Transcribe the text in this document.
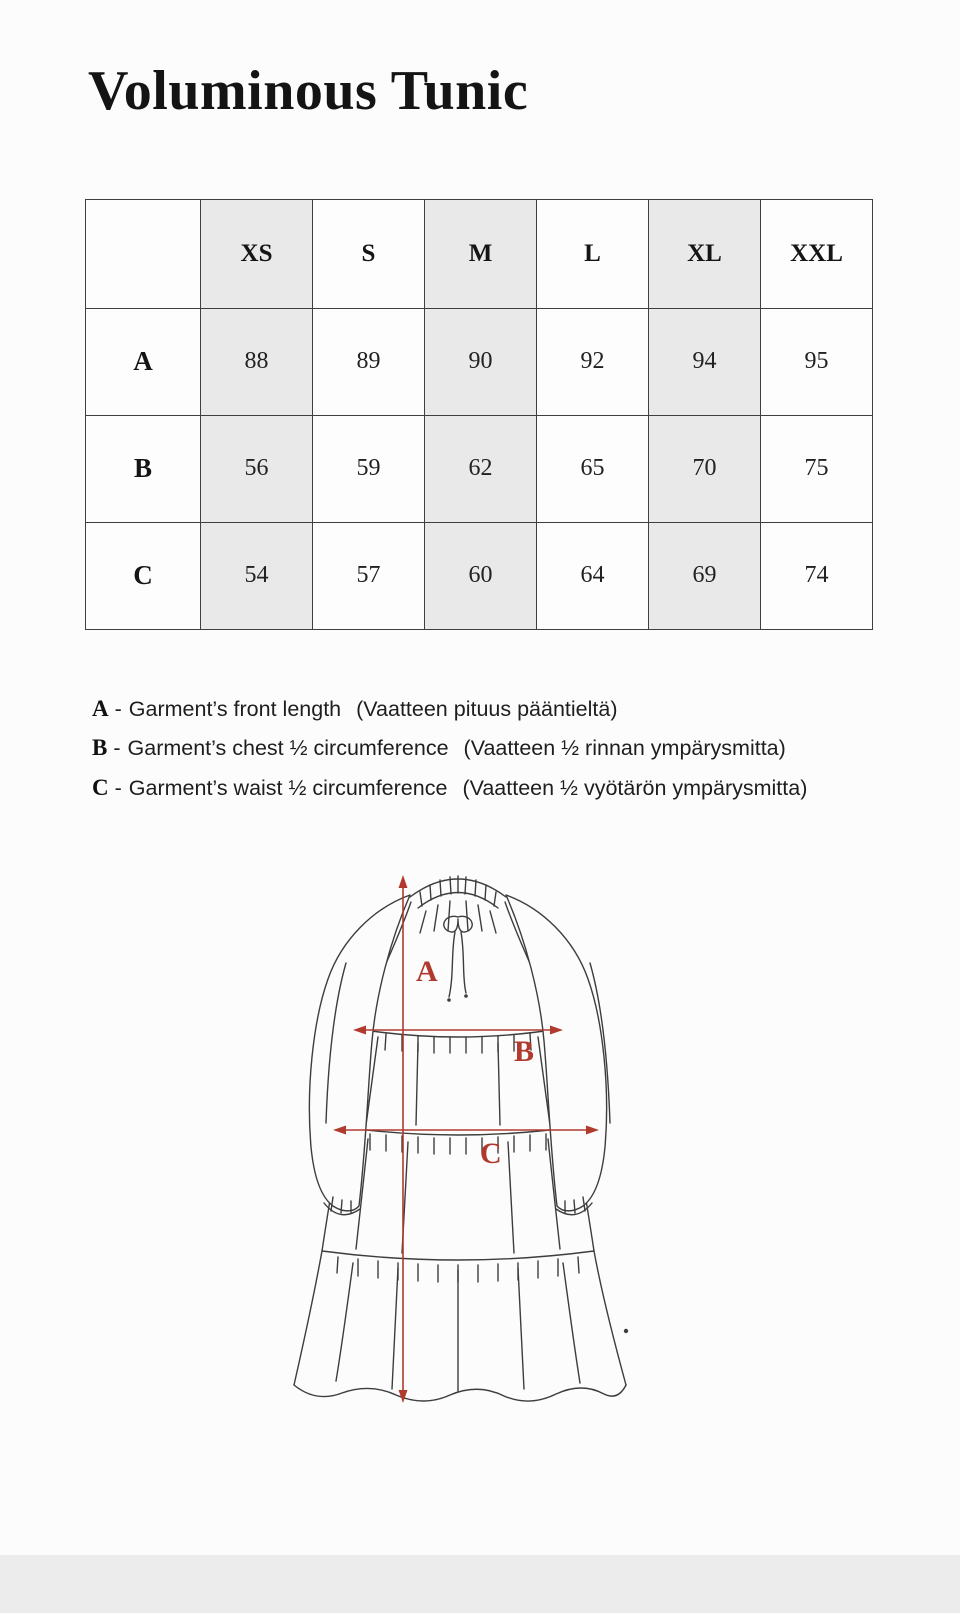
Voluminous Tunic
	XS	S	M	L	XL	XXL
A	88	89	90	92	94	95
B	56	59	62	65	70	75
C	54	57	60	64	69	74

A - Garment’s front length (Vaatteen pituus pääntieltä)

B - Garment’s chest ½ circumference (Vaatteen ½ rinnan ympärysmitta)

C - Garment’s waist ½ circumference (Vaatteen ½ vyötärön ympärysmitta)

A
B
C
